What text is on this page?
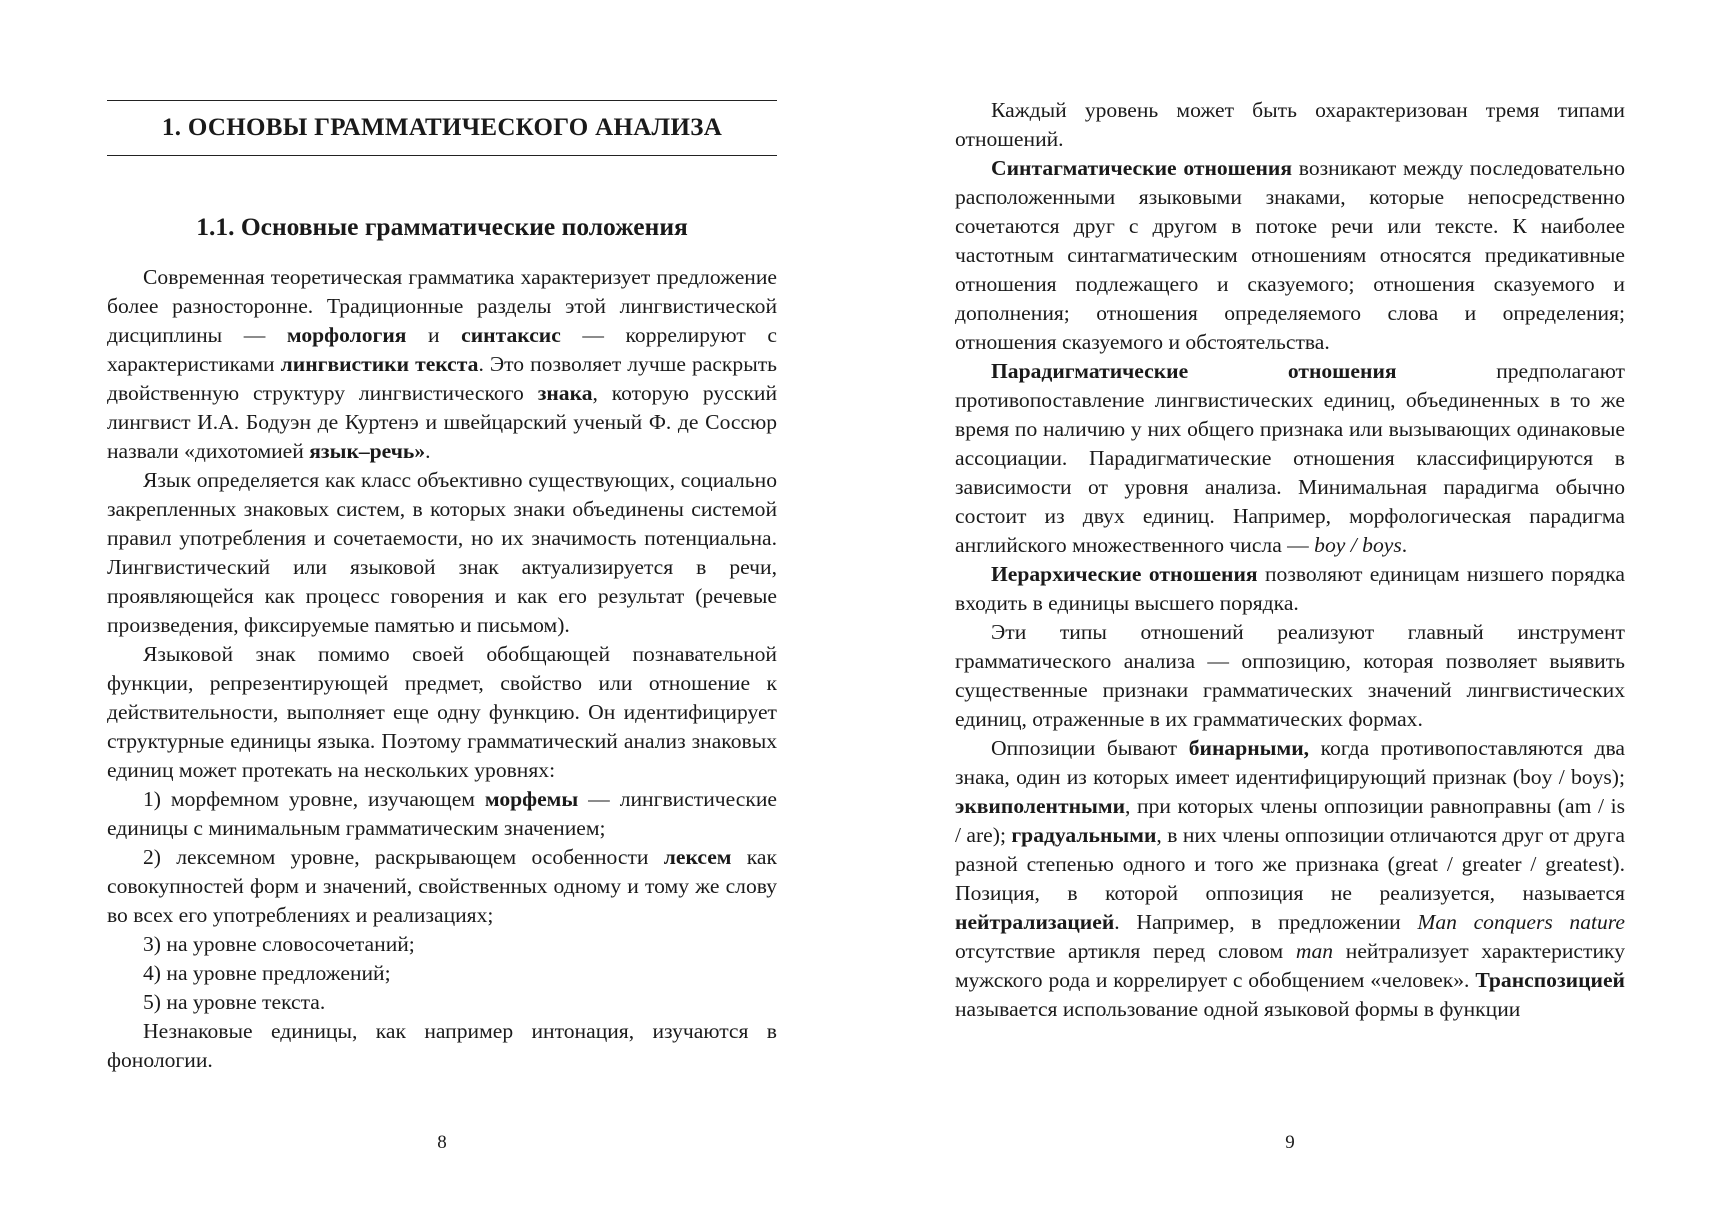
1. ОСНОВЫ ГРАММАТИЧЕСКОГО АНАЛИЗА
1.1. Основные грамматические положения

Современная теоретическая грамматика характеризует предложение более разносторонне. Традиционные разделы этой лингвистической дисциплины — морфология и синтаксис — коррелируют с характеристиками лингвистики текста. Это позволяет лучше раскрыть двойственную структуру лингвистического знака, которую русский лингвист И.А. Бодуэн де Куртенэ и швейцарский ученый Ф. де Соссюр назвали «дихотомией язык–речь».

Язык определяется как класс объективно существующих, социально закрепленных знаковых систем, в которых знаки объединены системой правил употребления и сочетаемости, но их значимость потенциальна. Лингвистический или языковой знак актуализируется в речи, проявляющейся как процесс говорения и как его результат (речевые произведения, фиксируемые памятью и письмом).

Языковой знак помимо своей обобщающей познавательной функции, репрезентирующей предмет, свойство или отношение к действительности, выполняет еще одну функцию. Он идентифицирует структурные единицы языка. Поэтому грамматический анализ знаковых единиц может протекать на нескольких уровнях:

1) морфемном уровне, изучающем морфемы — лингвистические единицы с минимальным грамматическим значением;

2) лексемном уровне, раскрывающем особенности лексем как совокупностей форм и значений, свойственных одному и тому же слову во всех его употреблениях и реализациях;

3) на уровне словосочетаний;

4) на уровне предложений;

5) на уровне текста.

Незнаковые единицы, как например интонация, изучаются в фонологии.

8

Каждый уровень может быть охарактеризован тремя типами отношений.

Синтагматические отношения возникают между последовательно расположенными языковыми знаками, которые непосредственно сочетаются друг с другом в потоке речи или тексте. К наиболее частотным синтагматическим отношениям относятся предикативные отношения подлежащего и сказуемого; отношения сказуемого и дополнения; отношения определяемого слова и определения; отношения сказуемого и обстоятельства.

Парадигматические отношения предполагают противопоставление лингвистических единиц, объединенных в то же время по наличию у них общего признака или вызывающих одинаковые ассоциации. Парадигматические отношения классифицируются в зависимости от уровня анализа. Минимальная парадигма обычно состоит из двух единиц. Например, морфологическая парадигма английского множественного числа — boy / boys.

Иерархические отношения позволяют единицам низшего порядка входить в единицы высшего порядка.

Эти типы отношений реализуют главный инструмент грамматического анализа — оппозицию, которая позволяет выявить существенные признаки грамматических значений лингвистических единиц, отраженные в их грамматических формах.

Оппозиции бывают бинарными, когда противопоставляются два знака, один из которых имеет идентифицирующий признак (boy / boys); эквиполентными, при которых члены оппозиции равноправны (am / is / are); градуальными, в них члены оппозиции отличаются друг от друга разной степенью одного и того же признака (great / greater / greatest). Позиция, в которой оппозиция не реализуется, называется нейтрализацией. Например, в предложении Man conquers nature отсутствие артикля перед словом man нейтрализует характеристику мужского рода и коррелирует с обобщением «человек». Транспозицией называется использование одной языковой формы в функции

9
